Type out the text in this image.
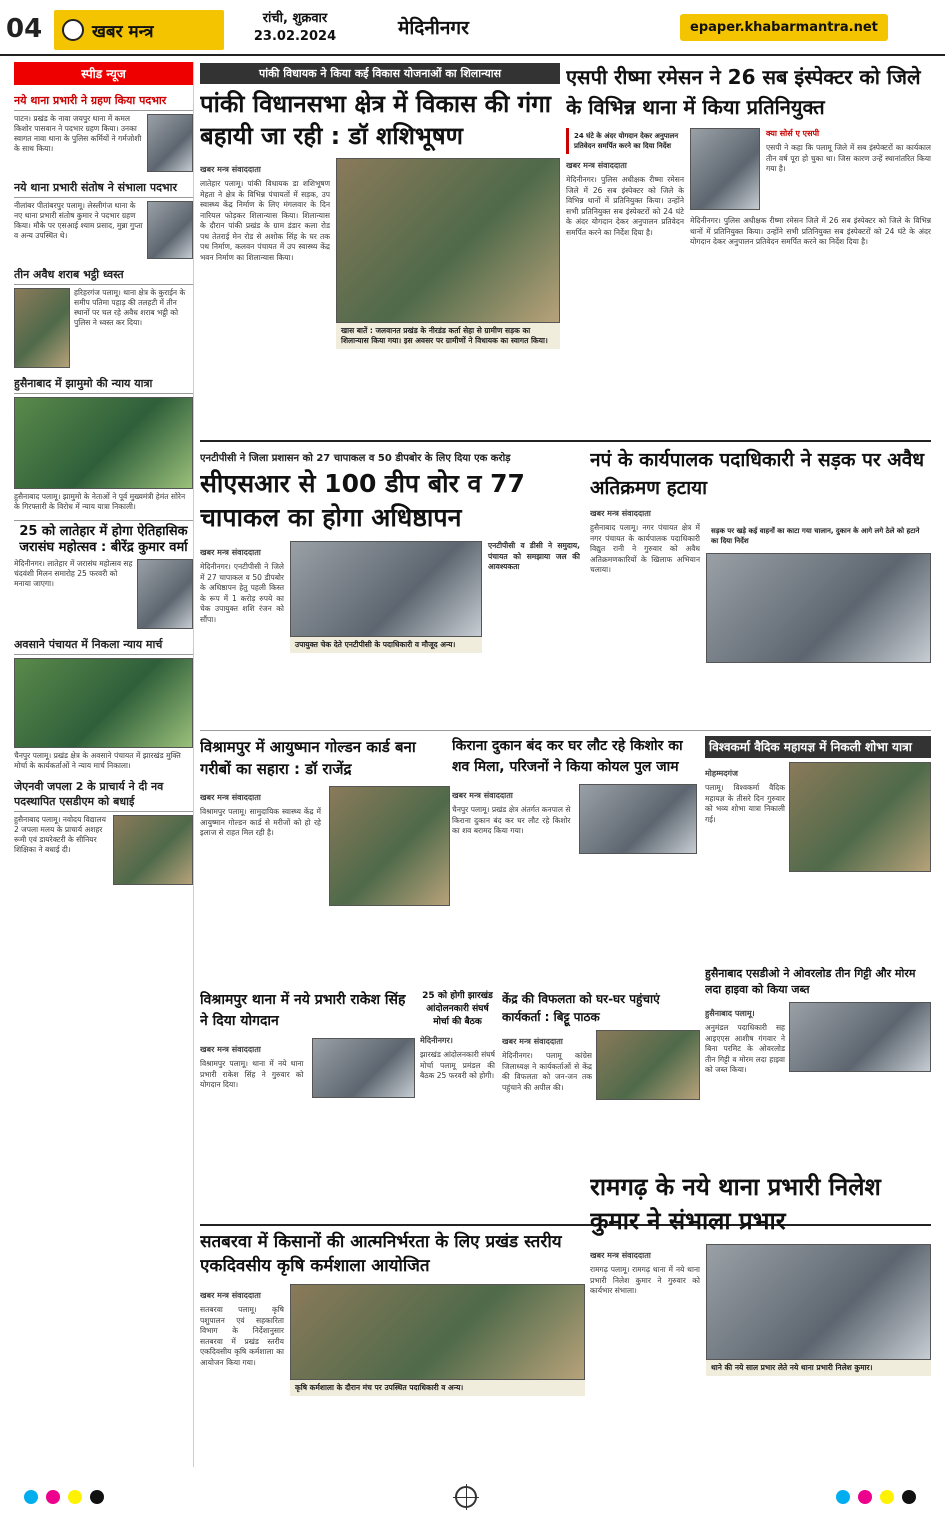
04	खबर मन्त्र
रांची, शुक्रवार
23.02.2024	मेदिनीनगर	epaper.khabarmantra.net
स्पीड न्यूज
नये थाना प्रभारी ने ग्रहण किया पदभार
पाटन। प्रखंड के नावा जयपुर थाना में कमल किशोर पासवान ने पदभार ग्रहण किया। उनका स्वागत नावा थाना के पुलिस कर्मियों ने गर्मजोशी के साथ किया।
नये थाना प्रभारी संतोष ने संभाला पदभार
नीलांबर पीतांबरपुर पलामू। लेस्लीगंज थाना के नए थाना प्रभारी संतोष कुमार ने पदभार ग्रहण किया। मौके पर एसआई श्याम प्रसाद, मुन्ना गुप्ता व अन्य उपस्थित थे।
तीन अवैध शराब भट्ठी ध्वस्त
हरिहरगंज पलामू। थाना क्षेत्र के कुराईन के समीप पतिमा पहाड़ की तलहटी में तीन स्थानों पर चल रहे अवैध शराब भट्ठी को पुलिस ने ध्वस्त कर दिया।
हुसैनाबाद में झामुमो की न्याय यात्रा
हुसैनाबाद पलामू। झामुमो के नेताओं ने पूर्व मुख्यमंत्री हेमंत सोरेन के गिरफ्तारी के विरोध में न्याय यात्रा निकाली।
25 को लातेहार में होगा ऐतिहासिक जरासंघ महोत्सव : बीरेंद्र कुमार वर्मा
मेदिनीनगर। लातेहार में जरासंघ महोत्सव सह चंदवंशी मिलन समारोह 25 फरवरी को मनाया जाएगा।
अवसाने पंचायत में निकला न्याय मार्च
चैनपुर पलामू। प्रखंड क्षेत्र के अवसाने पंचायत में झारखंड मुक्ति मोर्चा के कार्यकर्ताओं ने न्याय मार्च निकाला।
जेएनवी जपला 2 के प्राचार्य ने दी नव पदस्थापित एसडीएम को बधाई
हुसैनाबाद पलामू। नवोदय विद्यालय 2 जपला मलय के प्राचार्य अशहर रूमी एवं डायरेक्टरी के सीनियर शिक्षिका ने बधाई दी।
पांकी विधायक ने किया कई विकास योजनाओं का शिलान्यास
पांकी विधानसभा क्षेत्र में विकास की गंगा बहायी जा रही : डॉ शशिभूषण
खबर मन्त्र संवाददाता
लातेहार पलामू। पांकी विधायक डा शशिभूषण मेहता ने क्षेत्र के विभिन्न पंचायतों में सड़क, उप स्वास्थ्य केंद्र निर्माण के लिए मंगलवार के दिन नारियल फोड़कर शिलान्यास किया। शिलान्यास के दौरान पांकी प्रखंड के ग्राम डंडार कला रोड पथ तेतराई मेन रोड से अशोक सिंह के घर तक पथ निर्माण, कलवन पंचायत में उप स्वास्थ्य केंद्र भवन निर्माण का शिलान्यास किया।
खास बातें : जलवानत प्रखंड के नीरडंड कर्ता सेहा से ग्रामीण सड़क का शिलान्यास किया गया। इस अवसर पर ग्रामीणों ने विधायक का स्वागत किया।
एसपी रीष्मा रमेसन ने 26 सब इंस्पेक्टर को जिले के विभिन्न थाना में किया प्रतिनियुक्त
24 घंटे के अंदर योगदान देकर अनुपालन प्रतिवेदन समर्पित करने का दिया निर्देश
खबर मन्त्र संवाददाता
मेदिनीनगर। पुलिस अधीक्षक रीष्मा रमेसन जिले में 26 सब इंस्पेक्टर को जिले के विभिन्न थानों में प्रतिनियुक्त किया। उन्होंने सभी प्रतिनियुक्त सब इंस्पेक्टरों को 24 घंटे के अंदर योगदान देकर अनुपालन प्रतिवेदन समर्पित करने का निर्देश दिया है।
क्या सोर्स ए एसपी
एसपी ने कहा कि पलामू जिले में सब इंस्पेक्टरों का कार्यकाल तीन वर्ष पूरा हो चुका था। जिस कारण उन्हें स्थानांतरित किया गया है।
मेदिनीनगर। पुलिस अधीक्षक रीष्मा रमेसन जिले में 26 सब इंस्पेक्टर को जिले के विभिन्न थानों में प्रतिनियुक्त किया। उन्होंने सभी प्रतिनियुक्त सब इंस्पेक्टरों को 24 घंटे के अंदर योगदान देकर अनुपालन प्रतिवेदन समर्पित करने का निर्देश दिया है।
एनटीपीसी ने जिला प्रशासन को 27 चापाकल व 50 डीपबोर के लिए दिया एक करोड़
सीएसआर से 100 डीप बोर व 77 चापाकल का होगा अधिष्ठापन
खबर मन्त्र संवाददाता
मेदिनीनगर। एनटीपीसी ने जिले में 27 चापाकल व 50 डीपबोर के अधिष्ठापन हेतु पहली किस्त के रूप में 1 करोड़ रुपये का चेक उपायुक्त शशि रंजन को सौंपा।
उपायुक्त चेक देते एनटीपीसी के पदाधिकारी व मौजूद अन्य।
एनटीपीसी व डीसी ने समुदाय, पंचायत को समझाया जल की आवश्यकता
नपं के कार्यपालक पदाधिकारी ने सड़क पर अवैध अतिक्रमण हटाया
खबर मन्त्र संवाददाता
हुसैनाबाद पलामू। नगर पंचायत क्षेत्र में नगर पंचायत के कार्यपालक पदाधिकारी विद्युत रानी ने गुरुवार को अवैध अतिक्रमणकारियों के खिलाफ अभियान चलाया।
सड़क पर खड़े कई वाहनों का काटा गया चालान, दुकान के आगे लगे ठेले को हटाने का दिया निर्देश
विश्रामपुर में आयुष्मान गोल्डन कार्ड बना गरीबों का सहारा : डॉ राजेंद्र
खबर मन्त्र संवाददाता
विश्रामपुर पलामू। सामुदायिक स्वास्थ्य केंद्र में आयुष्मान गोल्डन कार्ड से मरीजों को हो रहे इलाज से राहत मिल रही है।
किराना दुकान बंद कर घर लौट रहे किशोर का शव मिला, परिजनों ने किया कोयल पुल जाम
खबर मन्त्र संवाददाता
चैनपुर पलामू। प्रखंड क्षेत्र अंतर्गत कनपाल से किराना दुकान बंद कर घर लौट रहे किशोर का शव बरामद किया गया।
विश्वकर्मा वैदिक महायज्ञ में निकली शोभा यात्रा
मोहम्मदगंज
पलामू। विश्वकर्मा वैदिक महायज्ञ के तीसरे दिन गुरुवार को भव्य शोभा यात्रा निकाली गई।
हुसैनाबाद एसडीओ ने ओवरलोड तीन गिट्टी और मोरम लदा हाइवा को किया जब्त
हुसैनाबाद पलामू।
अनुमंडल पदाधिकारी सह आइएएस आशीष गंगवार ने बिना परमिट के ओवरलोड तीन गिट्टी व मोरम लदा हाइवा को जब्त किया।
विश्रामपुर थाना में नये प्रभारी राकेश सिंह ने दिया योगदान
खबर मन्त्र संवाददाता
विश्रामपुर पलामू। थाना में नये थाना प्रभारी राकेश सिंह ने गुरुवार को योगदान दिया।
25 को होगी झारखंड आंदोलनकारी संघर्ष मोर्चा की बैठक
मेदिनीनगर।
झारखंड आंदोलनकारी संघर्ष मोर्चा पलामू प्रमंडल की बैठक 25 फरवरी को होगी।
केंद्र की विफलता को घर-घर पहुंचाएं कार्यकर्ता : बिट्टू पाठक
खबर मन्त्र संवाददाता
मेदिनीनगर। पलामू कांग्रेस जिलाध्यक्ष ने कार्यकर्ताओं से केंद्र की विफलता को जन-जन तक पहुंचाने की अपील की।
सतबरवा में किसानों की आत्मनिर्भरता के लिए प्रखंड स्तरीय एकदिवसीय कृषि कर्मशाला आयोजित
खबर मन्त्र संवाददाता
सतबरवा पलामू। कृषि पशुपालन एवं सहकारिता विभाग के निर्देशानुसार सतबरवा में प्रखंड स्तरीय एकदिवसीय कृषि कर्मशाला का आयोजन किया गया।
कृषि कर्मशाला के दौरान मंच पर उपस्थित पदाधिकारी व अन्य।
रामगढ़ के नये थाना प्रभारी निलेश कुमार ने संभाला प्रभार
खबर मन्त्र संवाददाता
रामगढ़ पलामू। रामगढ़ थाना में नये थाना प्रभारी निलेश कुमार ने गुरुवार को कार्यभार संभाला।
थाने की नये साल प्रभार लेते नये थाना प्रभारी निलेश कुमार।
